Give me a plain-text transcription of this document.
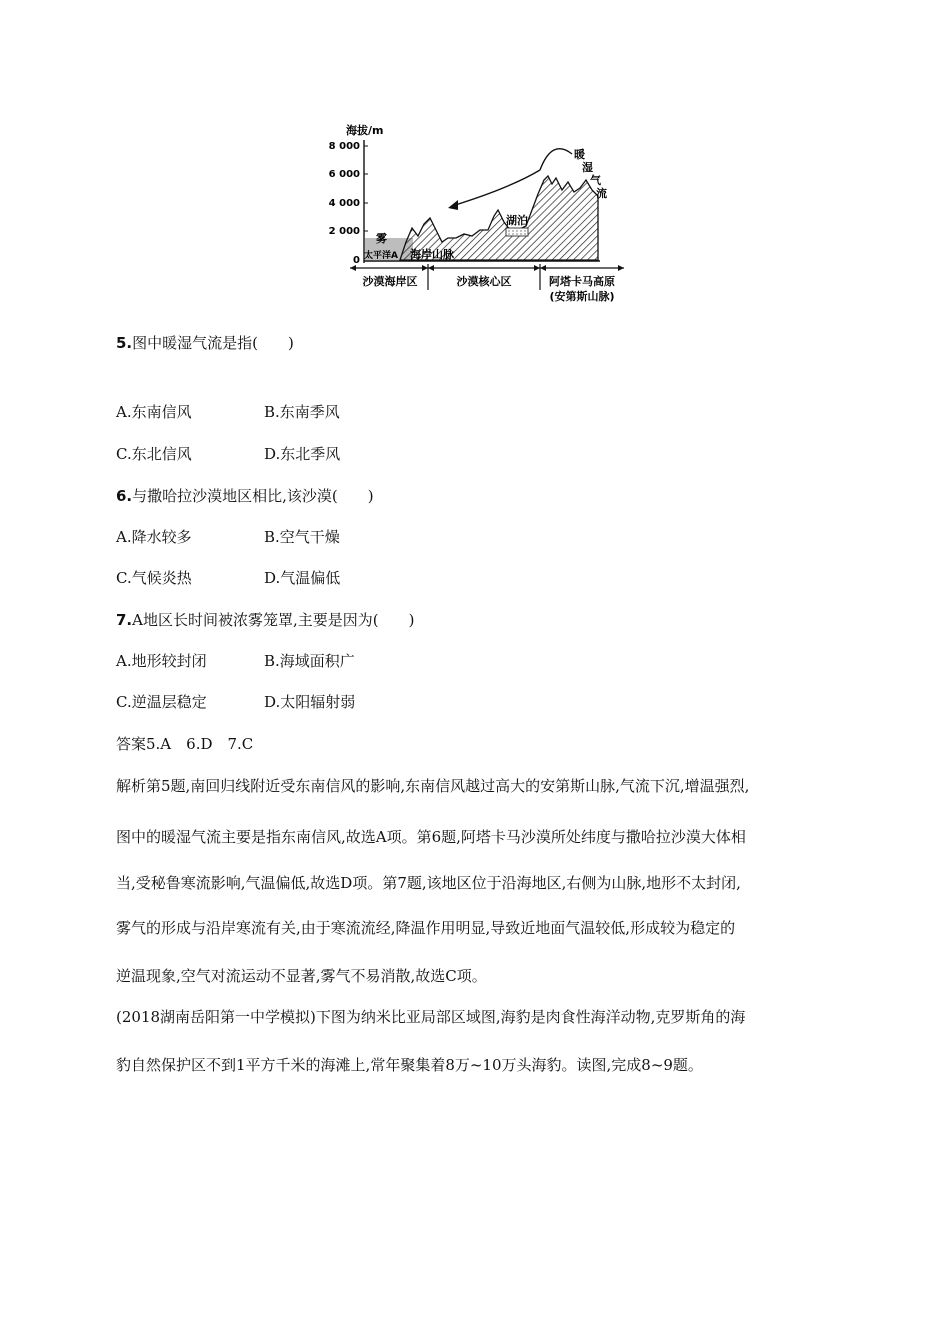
海拔/m
8 000
6 000
4 000
2 000
0
雾
太平洋A 海岸山脉
湖泊
暖
湿
气
流
沙漠海岸区	沙漠核心区	阿塔卡马高原
(安第斯山脉)
5.图中暖湿气流是指(　　)
A.东南信风	B.东南季风
C.东北信风	D.东北季风
6.与撒哈拉沙漠地区相比,该沙漠(　　)
A.降水较多	B.空气干燥
C.气候炎热	D.气温偏低
7.A地区长时间被浓雾笼罩,主要是因为(　　)
A.地形较封闭	B.海域面积广
C.逆温层稳定	D.太阳辐射弱
答案5.A　6.D　7.C
解析第5题,南回归线附近受东南信风的影响,东南信风越过高大的安第斯山脉,气流下沉,增温强烈,
图中的暖湿气流主要是指东南信风,故选A项。第6题,阿塔卡马沙漠所处纬度与撒哈拉沙漠大体相
当,受秘鲁寒流影响,气温偏低,故选D项。第7题,该地区位于沿海地区,右侧为山脉,地形不太封闭,
雾气的形成与沿岸寒流有关,由于寒流流经,降温作用明显,导致近地面气温较低,形成较为稳定的
逆温现象,空气对流运动不显著,雾气不易消散,故选C项。
(2018湖南岳阳第一中学模拟)下图为纳米比亚局部区域图,海豹是肉食性海洋动物,克罗斯角的海
豹自然保护区不到1平方千米的海滩上,常年聚集着8万~10万头海豹。读图,完成8~9题。
